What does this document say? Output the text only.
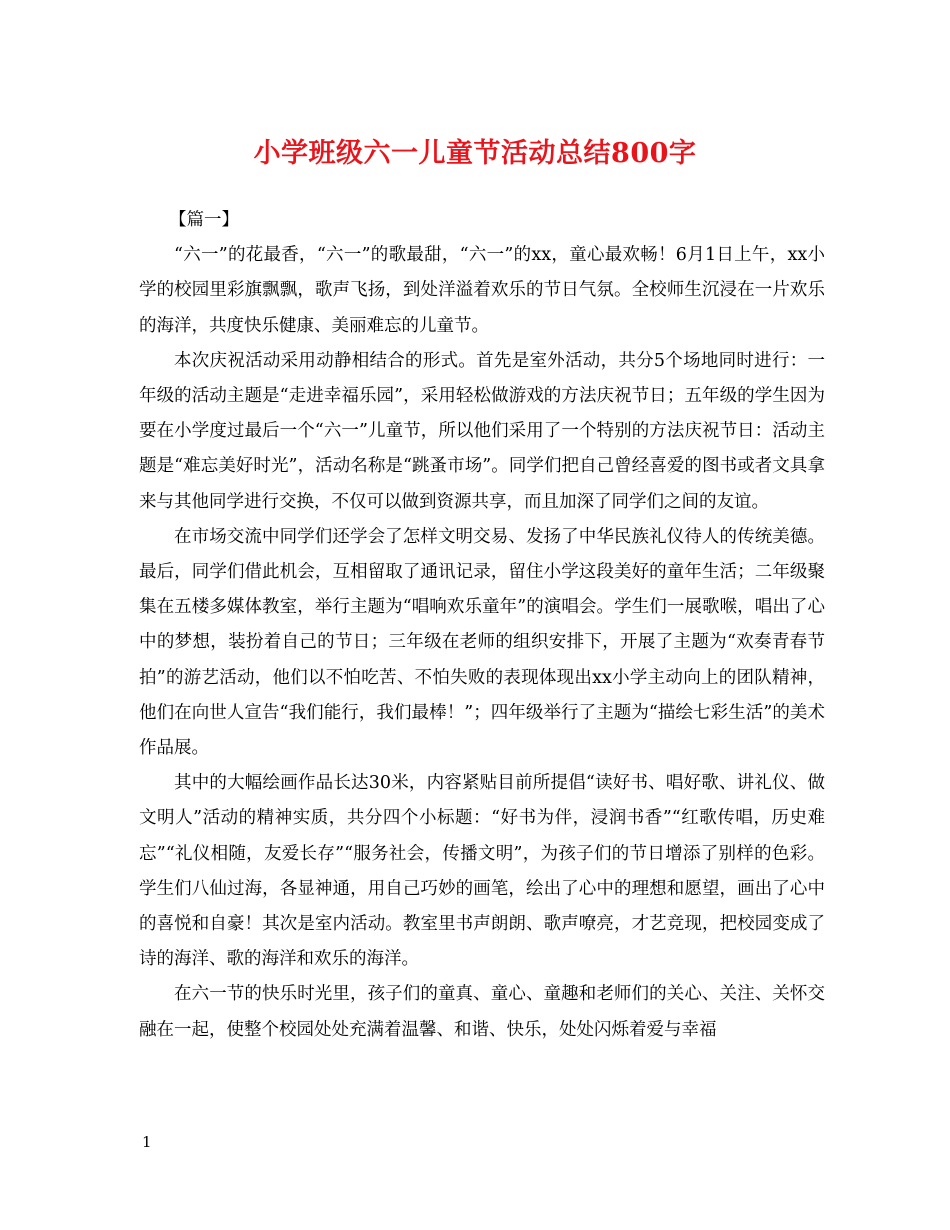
小学班级六一儿童节活动总结800字

【篇一】

“六一”的花最香，“六一”的歌最甜，“六一”的xx，童心最欢畅！6月1日上午，xx小学的校园里彩旗飘飘，歌声飞扬，到处洋溢着欢乐的节日气氛。全校师生沉浸在一片欢乐的海洋，共度快乐健康、美丽难忘的儿童节。

本次庆祝活动采用动静相结合的形式。首先是室外活动，共分5个场地同时进行：一年级的活动主题是“走进幸福乐园”，采用轻松做游戏的方法庆祝节日；五年级的学生因为要在小学度过最后一个“六一”儿童节，所以他们采用了一个特别的方法庆祝节日：活动主题是“难忘美好时光”，活动名称是“跳蚤市场”。同学们把自己曾经喜爱的图书或者文具拿来与其他同学进行交换，不仅可以做到资源共享，而且加深了同学们之间的友谊。

在市场交流中同学们还学会了怎样文明交易、发扬了中华民族礼仪待人的传统美德。最后，同学们借此机会，互相留取了通讯记录，留住小学这段美好的童年生活；二年级聚集在五楼多媒体教室，举行主题为“唱响欢乐童年”的演唱会。学生们一展歌喉，唱出了心中的梦想，装扮着自己的节日；三年级在老师的组织安排下，开展了主题为“欢奏青春节拍”的游艺活动，他们以不怕吃苦、不怕失败的表现体现出xx小学主动向上的团队精神，他们在向世人宣告“我们能行，我们最棒！”；四年级举行了主题为“描绘七彩生活”的美术作品展。

其中的大幅绘画作品长达30米，内容紧贴目前所提倡“读好书、唱好歌、讲礼仪、做文明人”活动的精神实质，共分四个小标题：“好书为伴，浸润书香”“红歌传唱，历史难忘”“礼仪相随，友爱长存”“服务社会，传播文明”，为孩子们的节日增添了别样的色彩。学生们八仙过海，各显神通，用自己巧妙的画笔，绘出了心中的理想和愿望，画出了心中的喜悦和自豪！其次是室内活动。教室里书声朗朗、歌声嘹亮，才艺竞现，把校园变成了诗的海洋、歌的海洋和欢乐的海洋。

在六一节的快乐时光里，孩子们的童真、童心、童趣和老师们的关心、关注、关怀交融在一起，使整个校园处处充满着温馨、和谐、快乐，处处闪烁着爱与幸福

1
